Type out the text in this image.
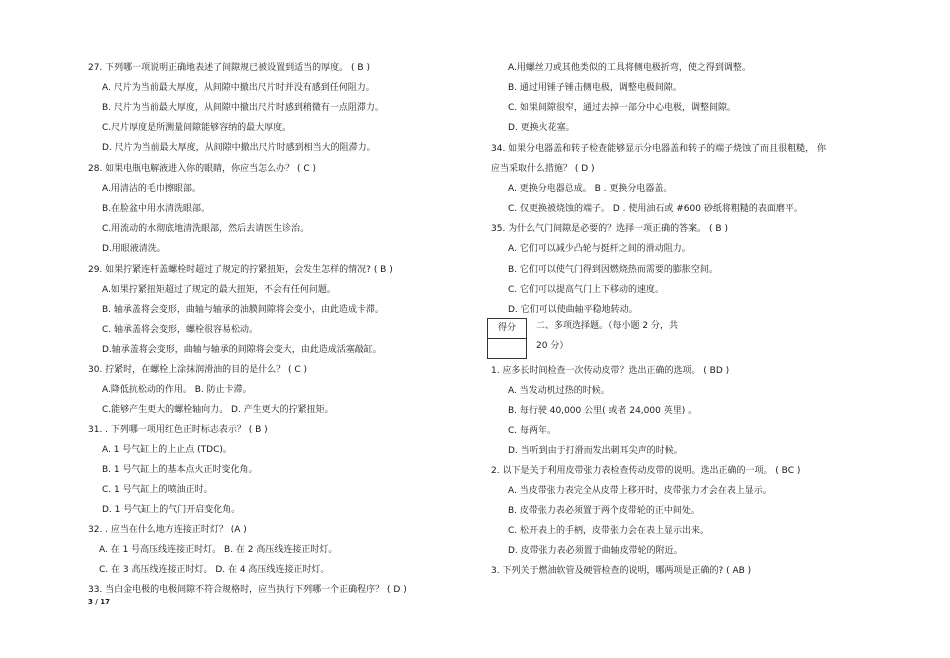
27. 下列哪一项说明正确地表述了间隙规已被设置到适当的厚度。 ( B )
A. 尺片为当前最大厚度，从间隙中撤出尺片时并没有感到任何阻力。
B. 尺片为当前最大厚度，从间隙中撤出尺片时感到稍微有一点阻滞力。
C.尺片厚度是所测量间隙能够容纳的最大厚度。
D. 尺片为当前最大厚度，从间隙中撤出尺片时感到相当大的阻滞力。
28. 如果电瓶电解液进入你的眼睛，你应当怎么办？ ( C )
A.用清洁的毛巾擦眼部。
B.在脸盆中用水清洗眼部。
C.用流动的水彻底地清洗眼部，然后去请医生诊治。
D.用眼液清洗。
29. 如果拧紧连杆盖螺栓时超过了规定的拧紧扭矩，会发生怎样的情况? ( B )
A.如果拧紧扭矩超过了规定的最大扭矩，不会有任何问题。
B. 轴承盖将会变形，曲轴与轴承的油膜间隙将会变小，由此造成卡滞。
C. 轴承盖将会变形，螺栓很容易松动。
D.轴承盖将会变形，曲轴与轴承的间隙将会变大，由此造成活塞敲缸。
30. 拧紧时，在螺栓上涂抹润滑油的目的是什么？ ( C )
A.降低抗松动的作用。 B. 防止卡滞。
C.能够产生更大的螺栓轴向力。 D. 产生更大的拧紧扭矩。
31. . 下列哪一项用红色正时标志表示？ ( B )
A. 1 号气缸上的上止点 (TDC)。
B. 1 号气缸上的基本点火正时变化角。
C. 1 号气缸上的喷油正时。
D. 1 号气缸上的气门开启变化角。
32. . 应当在什么地方连接正时灯？ (A )
A. 在 1 号高压线连接正时灯。 B. 在 2 高压线连接正时灯。
C. 在 3 高压线连接正时灯。 D. 在 4 高压线连接正时灯。
33. 当白金电极的电极间隙不符合规格时，应当执行下列哪一个正确程序？ ( D )
A.用螺丝刀或其他类似的工具将侧电极折弯，使之得到调整。
B. 通过用锤子锤击侧电极，调整电极间隙。
C. 如果间隙很窄，通过去掉一部分中心电极，调整间隙。
D. 更换火花塞。
34. 如果分电器盖和转子检查能够显示分电器盖和转子的端子烧蚀了而且很粗糙， 你
应当采取什么措施？ ( D )
A. 更换分电器总成。 B . 更换分电器盖。
C. 仅更换被烧蚀的端子。 D . 使用油石或 #600 砂纸将粗糙的表面磨平。
35. 为什么气门间隙是必要的？选择一项正确的答案。 ( B )
A. 它们可以减少凸轮与挺杆之间的滑动阻力。
B. 它们可以使气门得到因燃烧热而需要的膨胀空间。
C. 它们可以提高气门上下移动的速度。
D. 它们可以使曲轴平稳地转动。
得分	二、多项选择题。（每小题 2 分，共
20 分）
1. 应多长时间检查一次传动皮带？选出正确的选项。 ( BD )
A. 当发动机过热的时候。
B. 每行驶 40,000 公里( 或者 24,000 英里) 。
C. 每两年。
D. 当听到由于打滑而发出刺耳尖声的时候。
2. 以下是关于利用皮带张力表检查传动皮带的说明。选出正确的一项。 ( BC )
A. 当皮带张力表完全从皮带上移开时，皮带张力才会在表上显示。
B. 皮带张力表必须置于两个皮带轮的正中间处。
C. 松开表上的手柄，皮带张力会在表上显示出来。
D. 皮带张力表必须置于曲轴皮带轮的附近。
3. 下列关于燃油软管及硬管检查的说明，哪两项是正确的? ( AB )
3 / 17
